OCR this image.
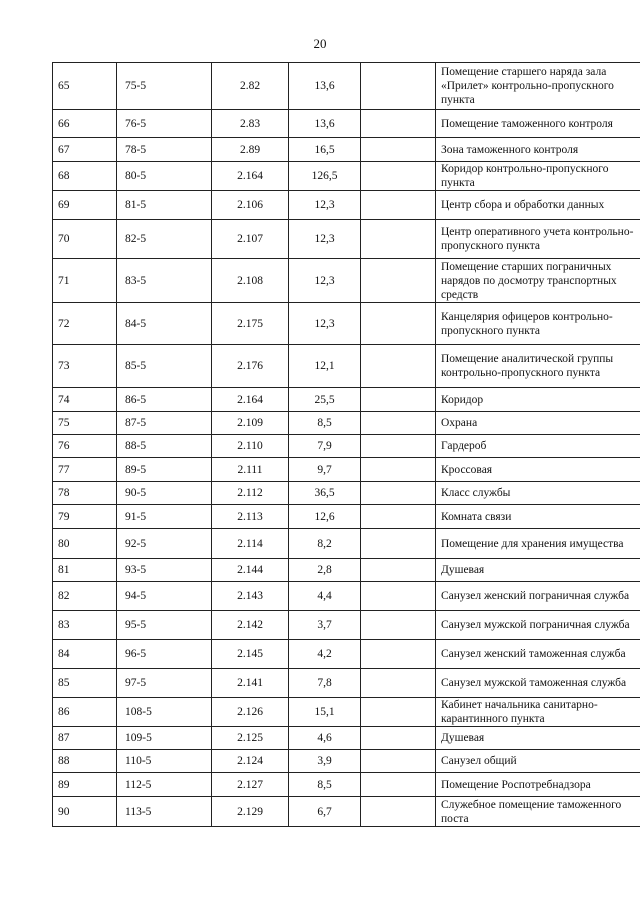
20
65	75-5	2.82	13,6		Помещение старшего наряда зала «Прилет» контрольно-пропускного пункта
66	76-5	2.83	13,6		Помещение таможенного контроля
67	78-5	2.89	16,5		Зона таможенного контроля
68	80-5	2.164	126,5		Коридор контрольно-пропускного пункта
69	81-5	2.106	12,3		Центр сбора и обработки данных
70	82-5	2.107	12,3		Центр оперативного учета контрольно-пропускного пункта
71	83-5	2.108	12,3		Помещение старших пограничных нарядов по досмотру транспортных средств
72	84-5	2.175	12,3		Канцелярия офицеров контрольно-пропускного пункта
73	85-5	2.176	12,1		Помещение аналитической группы контрольно-пропускного пункта
74	86-5	2.164	25,5		Коридор
75	87-5	2.109	8,5		Охрана
76	88-5	2.110	7,9		Гардероб
77	89-5	2.111	9,7		Кроссовая
78	90-5	2.112	36,5		Класс службы
79	91-5	2.113	12,6		Комната связи
80	92-5	2.114	8,2		Помещение для хранения имущества
81	93-5	2.144	2,8		Душевая
82	94-5	2.143	4,4		Санузел женский пограничная служба
83	95-5	2.142	3,7		Санузел мужской пограничная служба
84	96-5	2.145	4,2		Санузел женский таможенная служба
85	97-5	2.141	7,8		Санузел мужской таможенная служба
86	108-5	2.126	15,1		Кабинет начальника санитарно-карантинного пункта
87	109-5	2.125	4,6		Душевая
88	110-5	2.124	3,9		Санузел общий
89	112-5	2.127	8,5		Помещение Роспотребнадзора
90	113-5	2.129	6,7		Служебное помещение таможенного поста
